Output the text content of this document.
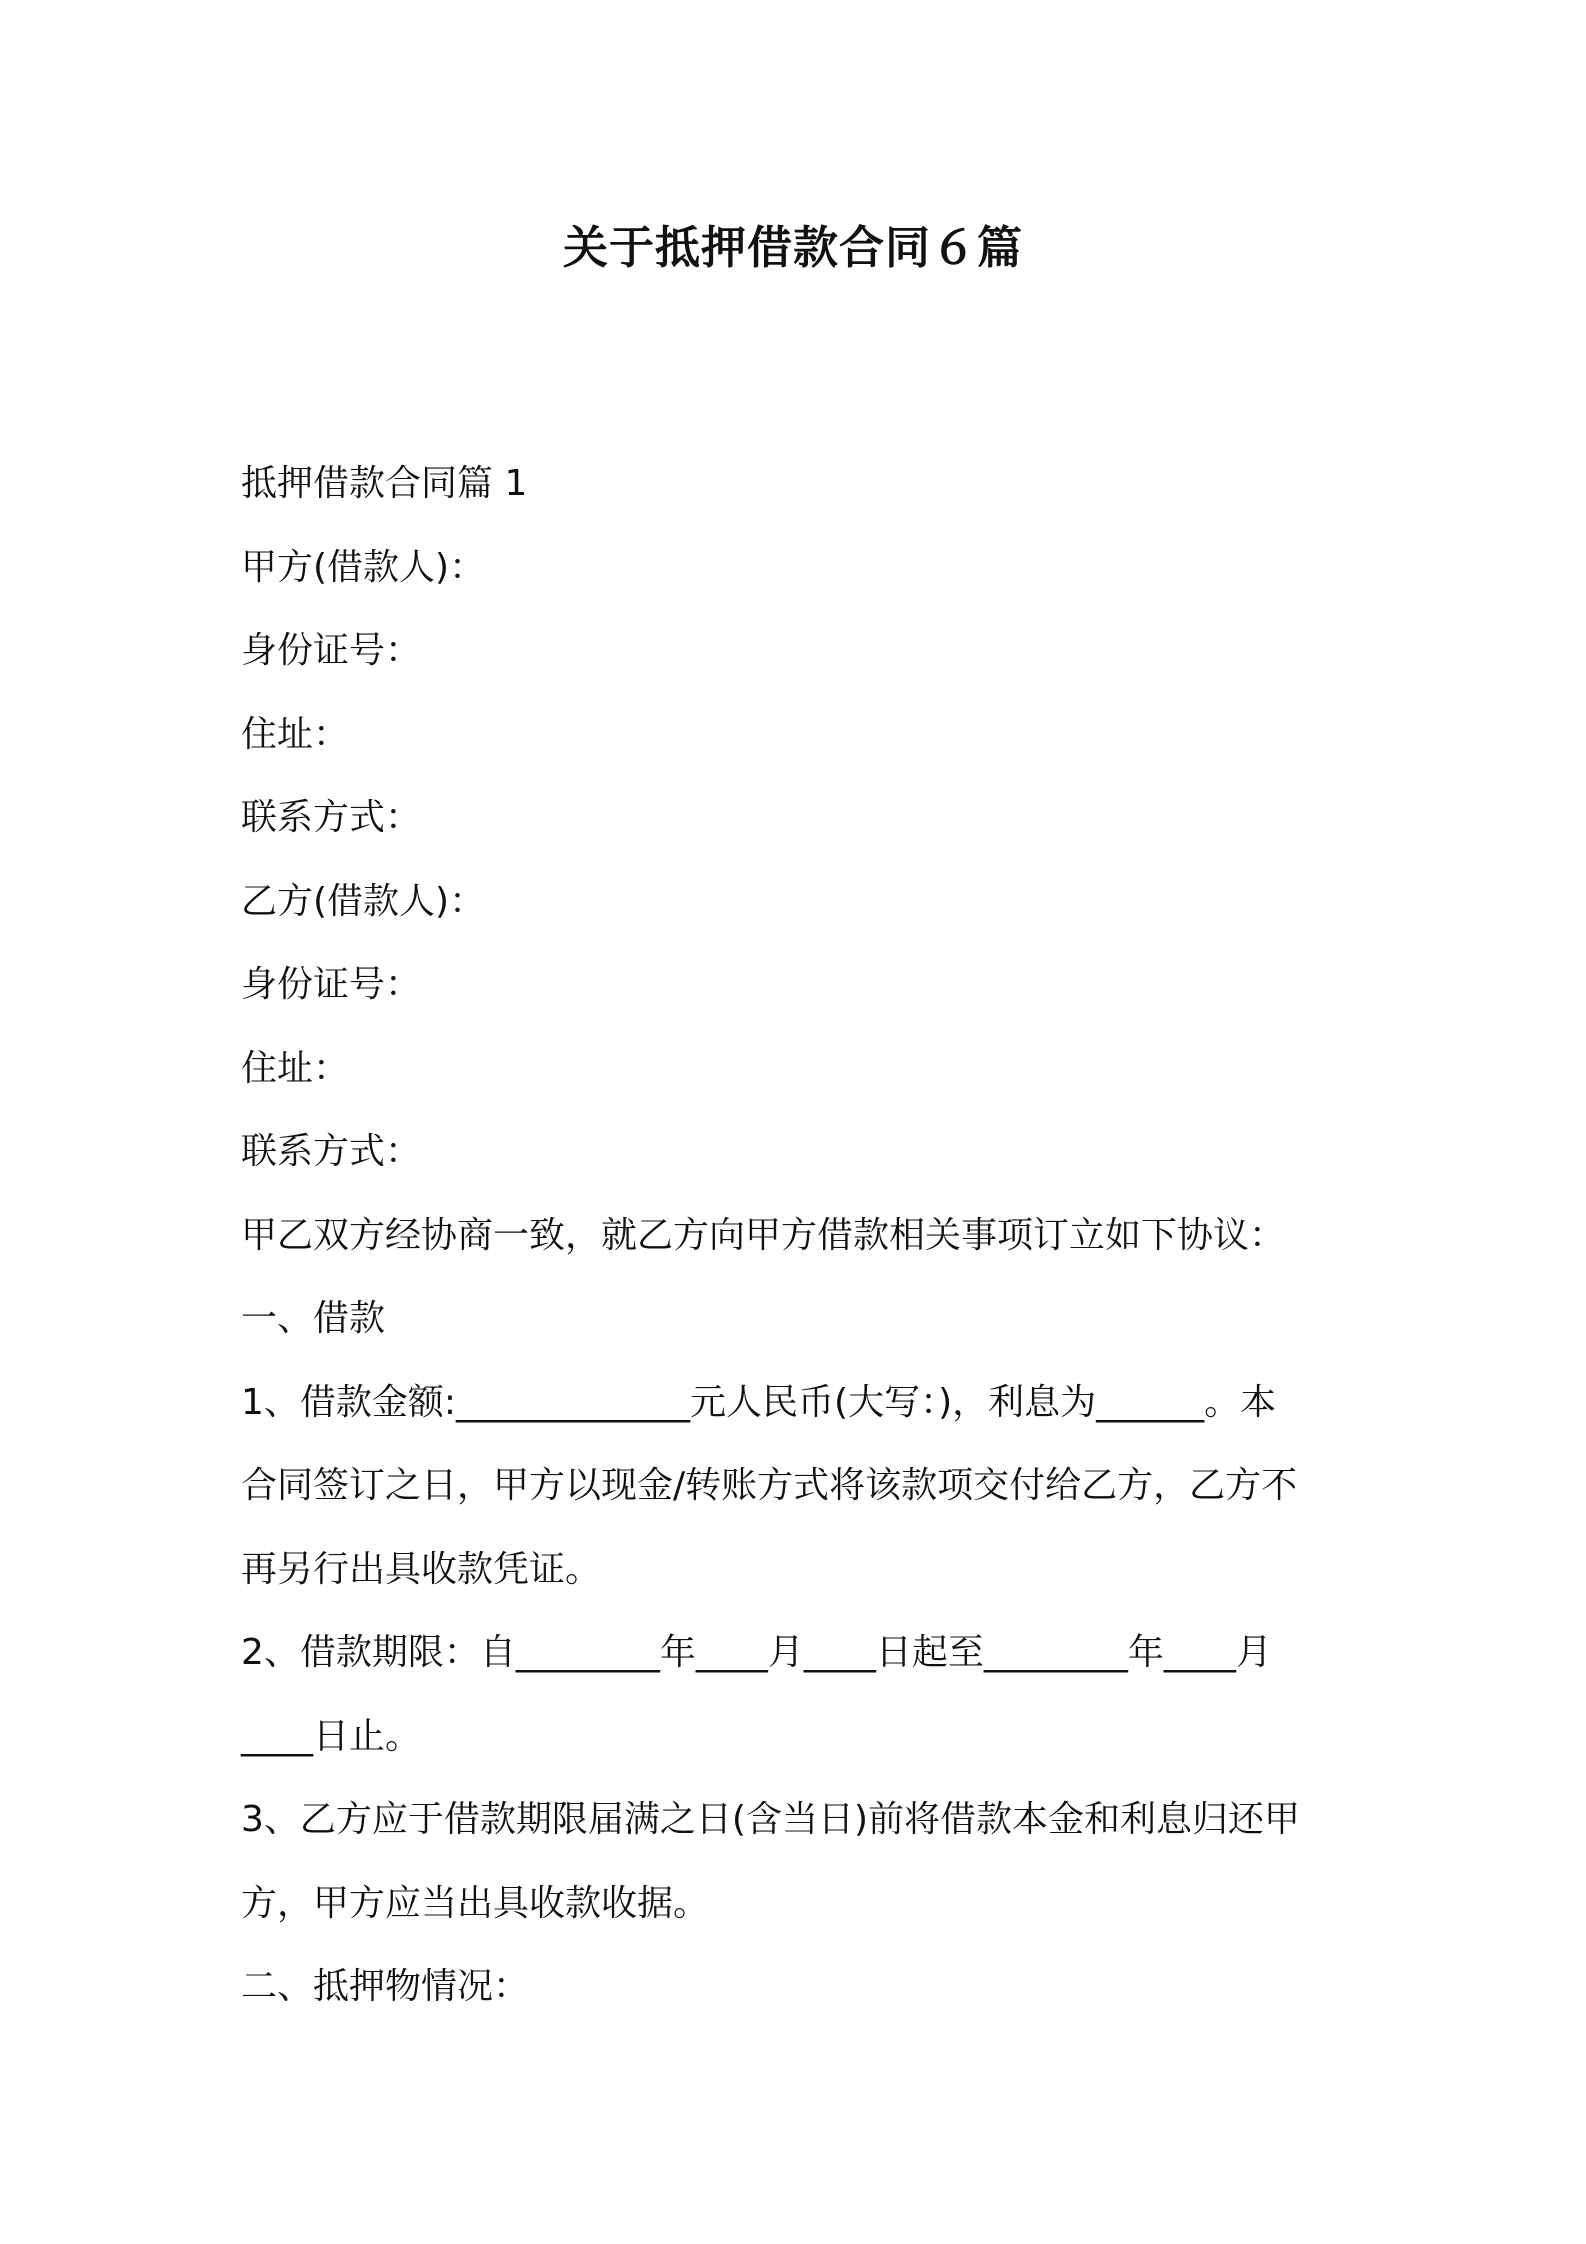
关于抵押借款合同６篇

抵押借款合同篇 1

甲方(借款人)：

身份证号：

住址：

联系方式：

乙方(借款人)：

身份证号：

住址：

联系方式：

甲乙双方经协商一致，就乙方向甲方借款相关事项订立如下协议：

一、借款

1、借款金额:_____________元人民币(大写：)，利息为______。本

合同签订之日，甲方以现金/转账方式将该款项交付给乙方，乙方不

再另行出具收款凭证。

2、借款期限：自________年____月____日起至________年____月

____日止。

3、乙方应于借款期限届满之日(含当日)前将借款本金和利息归还甲

方，甲方应当出具收款收据。

二、抵押物情况：
